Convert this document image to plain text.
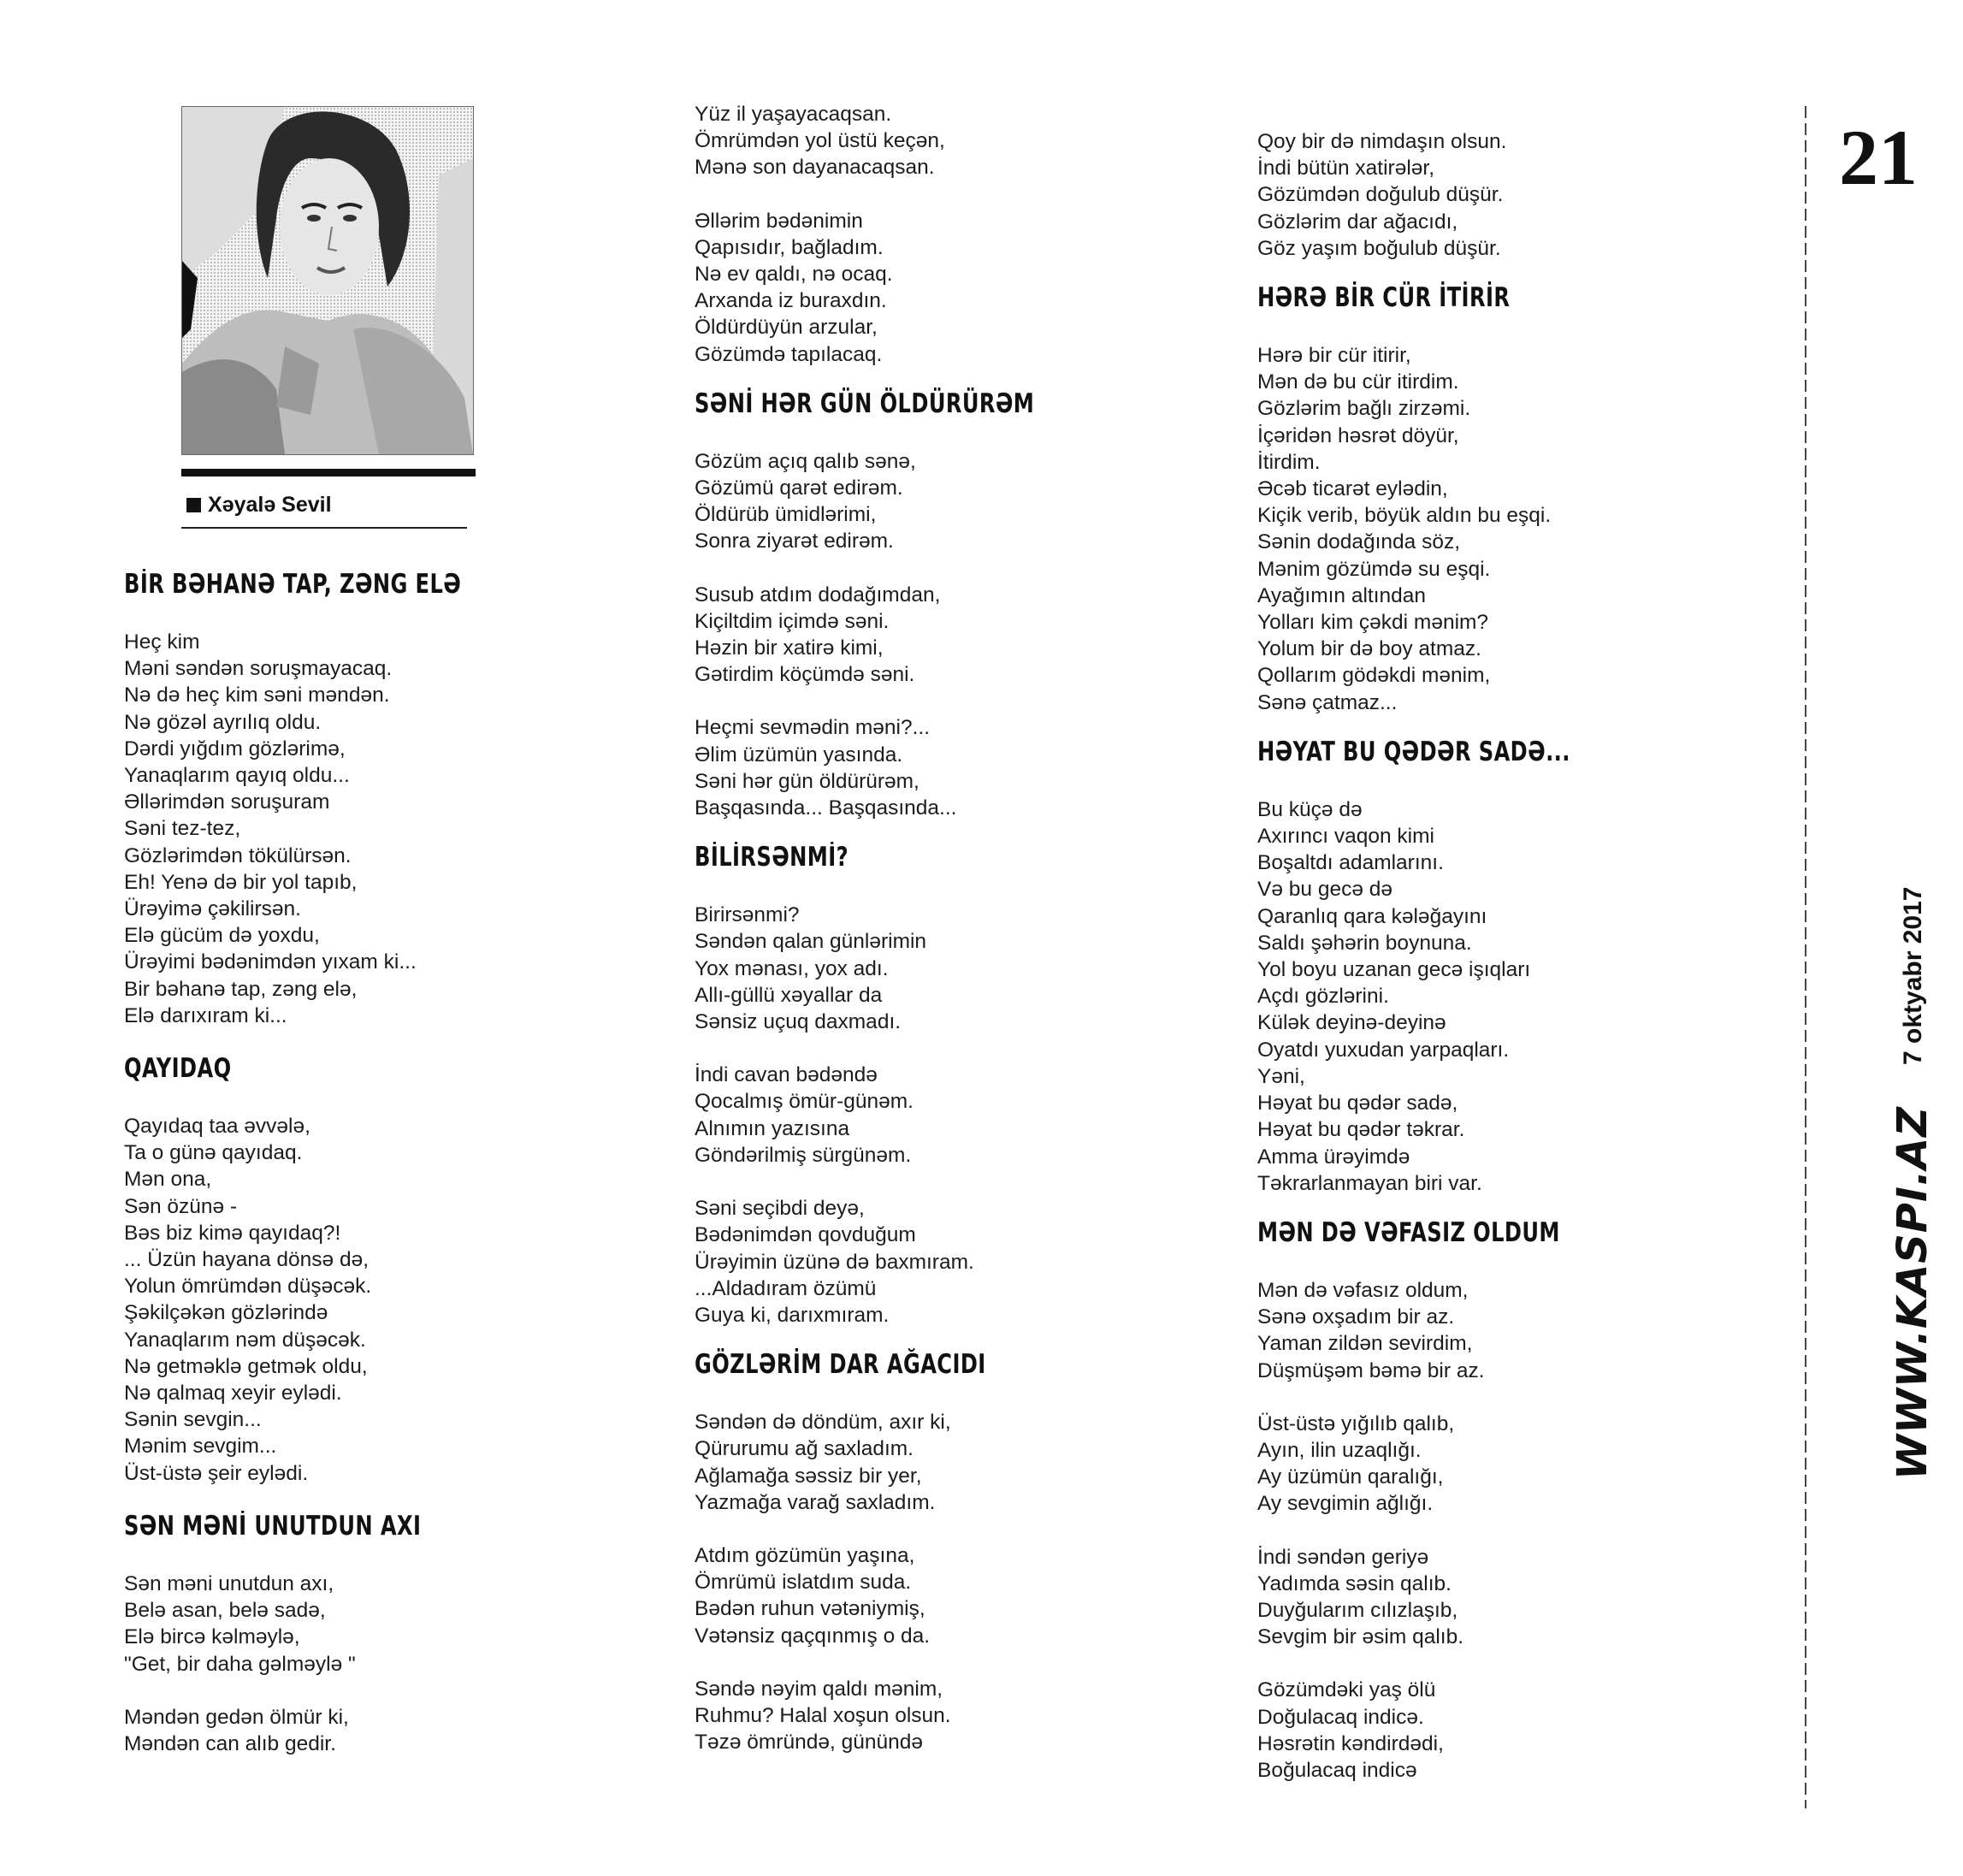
Xəyalə Sevil
BİR BƏHANƏ TAP, ZƏNG ELƏ
Heç kim
Məni səndən soruşmayacaq.
Nə də heç kim səni məndən.
Nə gözəl ayrılıq oldu.
Dərdi yığdım gözlərimə,
Yanaqlarım qayıq oldu...
Əllərimdən soruşuram
Səni tez-tez,
Gözlərimdən tökülürsən.
Eh! Yenə də bir yol tapıb,
Ürəyimə çəkilirsən.
Elə gücüm də yoxdu,
Ürəyimi bədənimdən yıxam ki...
Bir bəhanə tap, zəng elə,
Elə darıxıram ki...
QAYIDAQ
Qayıdaq taa əvvələ,
Ta o günə qayıdaq.
Mən ona,
Sən özünə -
Bəs biz kimə qayıdaq?!
... Üzün hayana dönsə də,
Yolun ömrümdən düşəcək.
Şəkilçəkən gözlərində
Yanaqlarım nəm düşəcək.
Nə getməklə getmək oldu,
Nə qalmaq xeyir eylədi.
Sənin sevgin...
Mənim sevgim...
Üst-üstə şeir eylədi.
SƏN MƏNİ UNUTDUN AXI
Sən məni unutdun axı,
Belə asan, belə sadə,
Elə bircə kəlməylə,
"Get, bir daha gəlməylə "
Məndən gedən ölmür ki,
Məndən can alıb gedir.
Yüz il yaşayacaqsan.
Ömrümdən yol üstü keçən,
Mənə son dayanacaqsan.
Əllərim bədənimin
Qapısıdır, bağladım.
Nə ev qaldı, nə ocaq.
Arxanda iz buraxdın.
Öldürdüyün arzular,
Gözümdə tapılacaq.
SƏNİ HƏR GÜN ÖLDÜRÜRƏM
Gözüm açıq qalıb sənə,
Gözümü qarət edirəm.
Öldürüb ümidlərimi,
Sonra ziyarət edirəm.
Susub atdım dodağımdan,
Kiçiltdim içimdə səni.
Həzin bir xatirə kimi,
Gətirdim köçümdə səni.
Heçmi sevmədin məni?...
Əlim üzümün yasında.
Səni hər gün öldürürəm,
Başqasında... Başqasında...
BİLİRSƏNMİ?
Birirsənmi?
Səndən qalan günlərimin
Yox mənası, yox adı.
Allı-güllü xəyallar da
Sənsiz uçuq daxmadı.
İndi cavan bədəndə
Qocalmış ömür-günəm.
Alnımın yazısına
Göndərilmiş sürgünəm.
Səni seçibdi deyə,
Bədənimdən qovduğum
Ürəyimin üzünə də baxmıram.
...Aldadıram özümü
Guya ki, darıxmıram.
GÖZLƏRİM DAR AĞACIDI
Səndən də döndüm, axır ki,
Qürurumu ağ saxladım.
Ağlamağa səssiz bir yer,
Yazmağa varağ saxladım.
Atdım gözümün yaşına,
Ömrümü islatdım suda.
Bədən ruhun vətəniymiş,
Vətənsiz qaçqınmış o da.
Səndə nəyim qaldı mənim,
Ruhmu? Halal xoşun olsun.
Təzə ömründə, günündə
Qoy bir də nimdaşın olsun.
İndi bütün xatirələr,
Gözümdən doğulub düşür.
Gözlərim dar ağacıdı,
Göz yaşım boğulub düşür.
HƏRƏ BİR CÜR İTİRİR
Hərə bir cür itirir,
Mən də bu cür itirdim.
Gözlərim bağlı zirzəmi.
İçəridən həsrət döyür,
İtirdim.
Əcəb ticarət eylədin,
Kiçik verib, böyük aldın bu eşqi.
Sənin dodağında söz,
Mənim gözümdə su eşqi.
Ayağımın altından
Yolları kim çəkdi mənim?
Yolum bir də boy atmaz.
Qollarım gödəkdi mənim,
Sənə çatmaz...
HƏYAT BU QƏDƏR SADƏ...
Bu küçə də
Axırıncı vaqon kimi
Boşaltdı adamlarını.
Və bu gecə də
Qaranlıq qara kələğayını
Saldı şəhərin boynuna.
Yol boyu uzanan gecə işıqları
Açdı gözlərini.
Külək deyinə-deyinə
Oyatdı yuxudan yarpaqları.
Yəni,
Həyat bu qədər sadə,
Həyat bu qədər təkrar.
Amma ürəyimdə
Təkrarlanmayan biri var.
MƏN DƏ VƏFASIZ OLDUM
Mən də vəfasız oldum,
Sənə oxşadım bir az.
Yaman zildən sevirdim,
Düşmüşəm bəmə bir az.
Üst-üstə yığılıb qalıb,
Ayın, ilin uzaqlığı.
Ay üzümün qaralığı,
Ay sevgimin ağlığı.
İndi səndən geriyə
Yadımda səsin qalıb.
Duyğularım cılızlaşıb,
Sevgim bir əsim qalıb.
Gözümdəki yaş ölü
Doğulacaq indicə.
Həsrətin kəndirdədi,
Boğulacaq indicə
21
7 oktyabr 2017
WWW.KASPI.AZ
